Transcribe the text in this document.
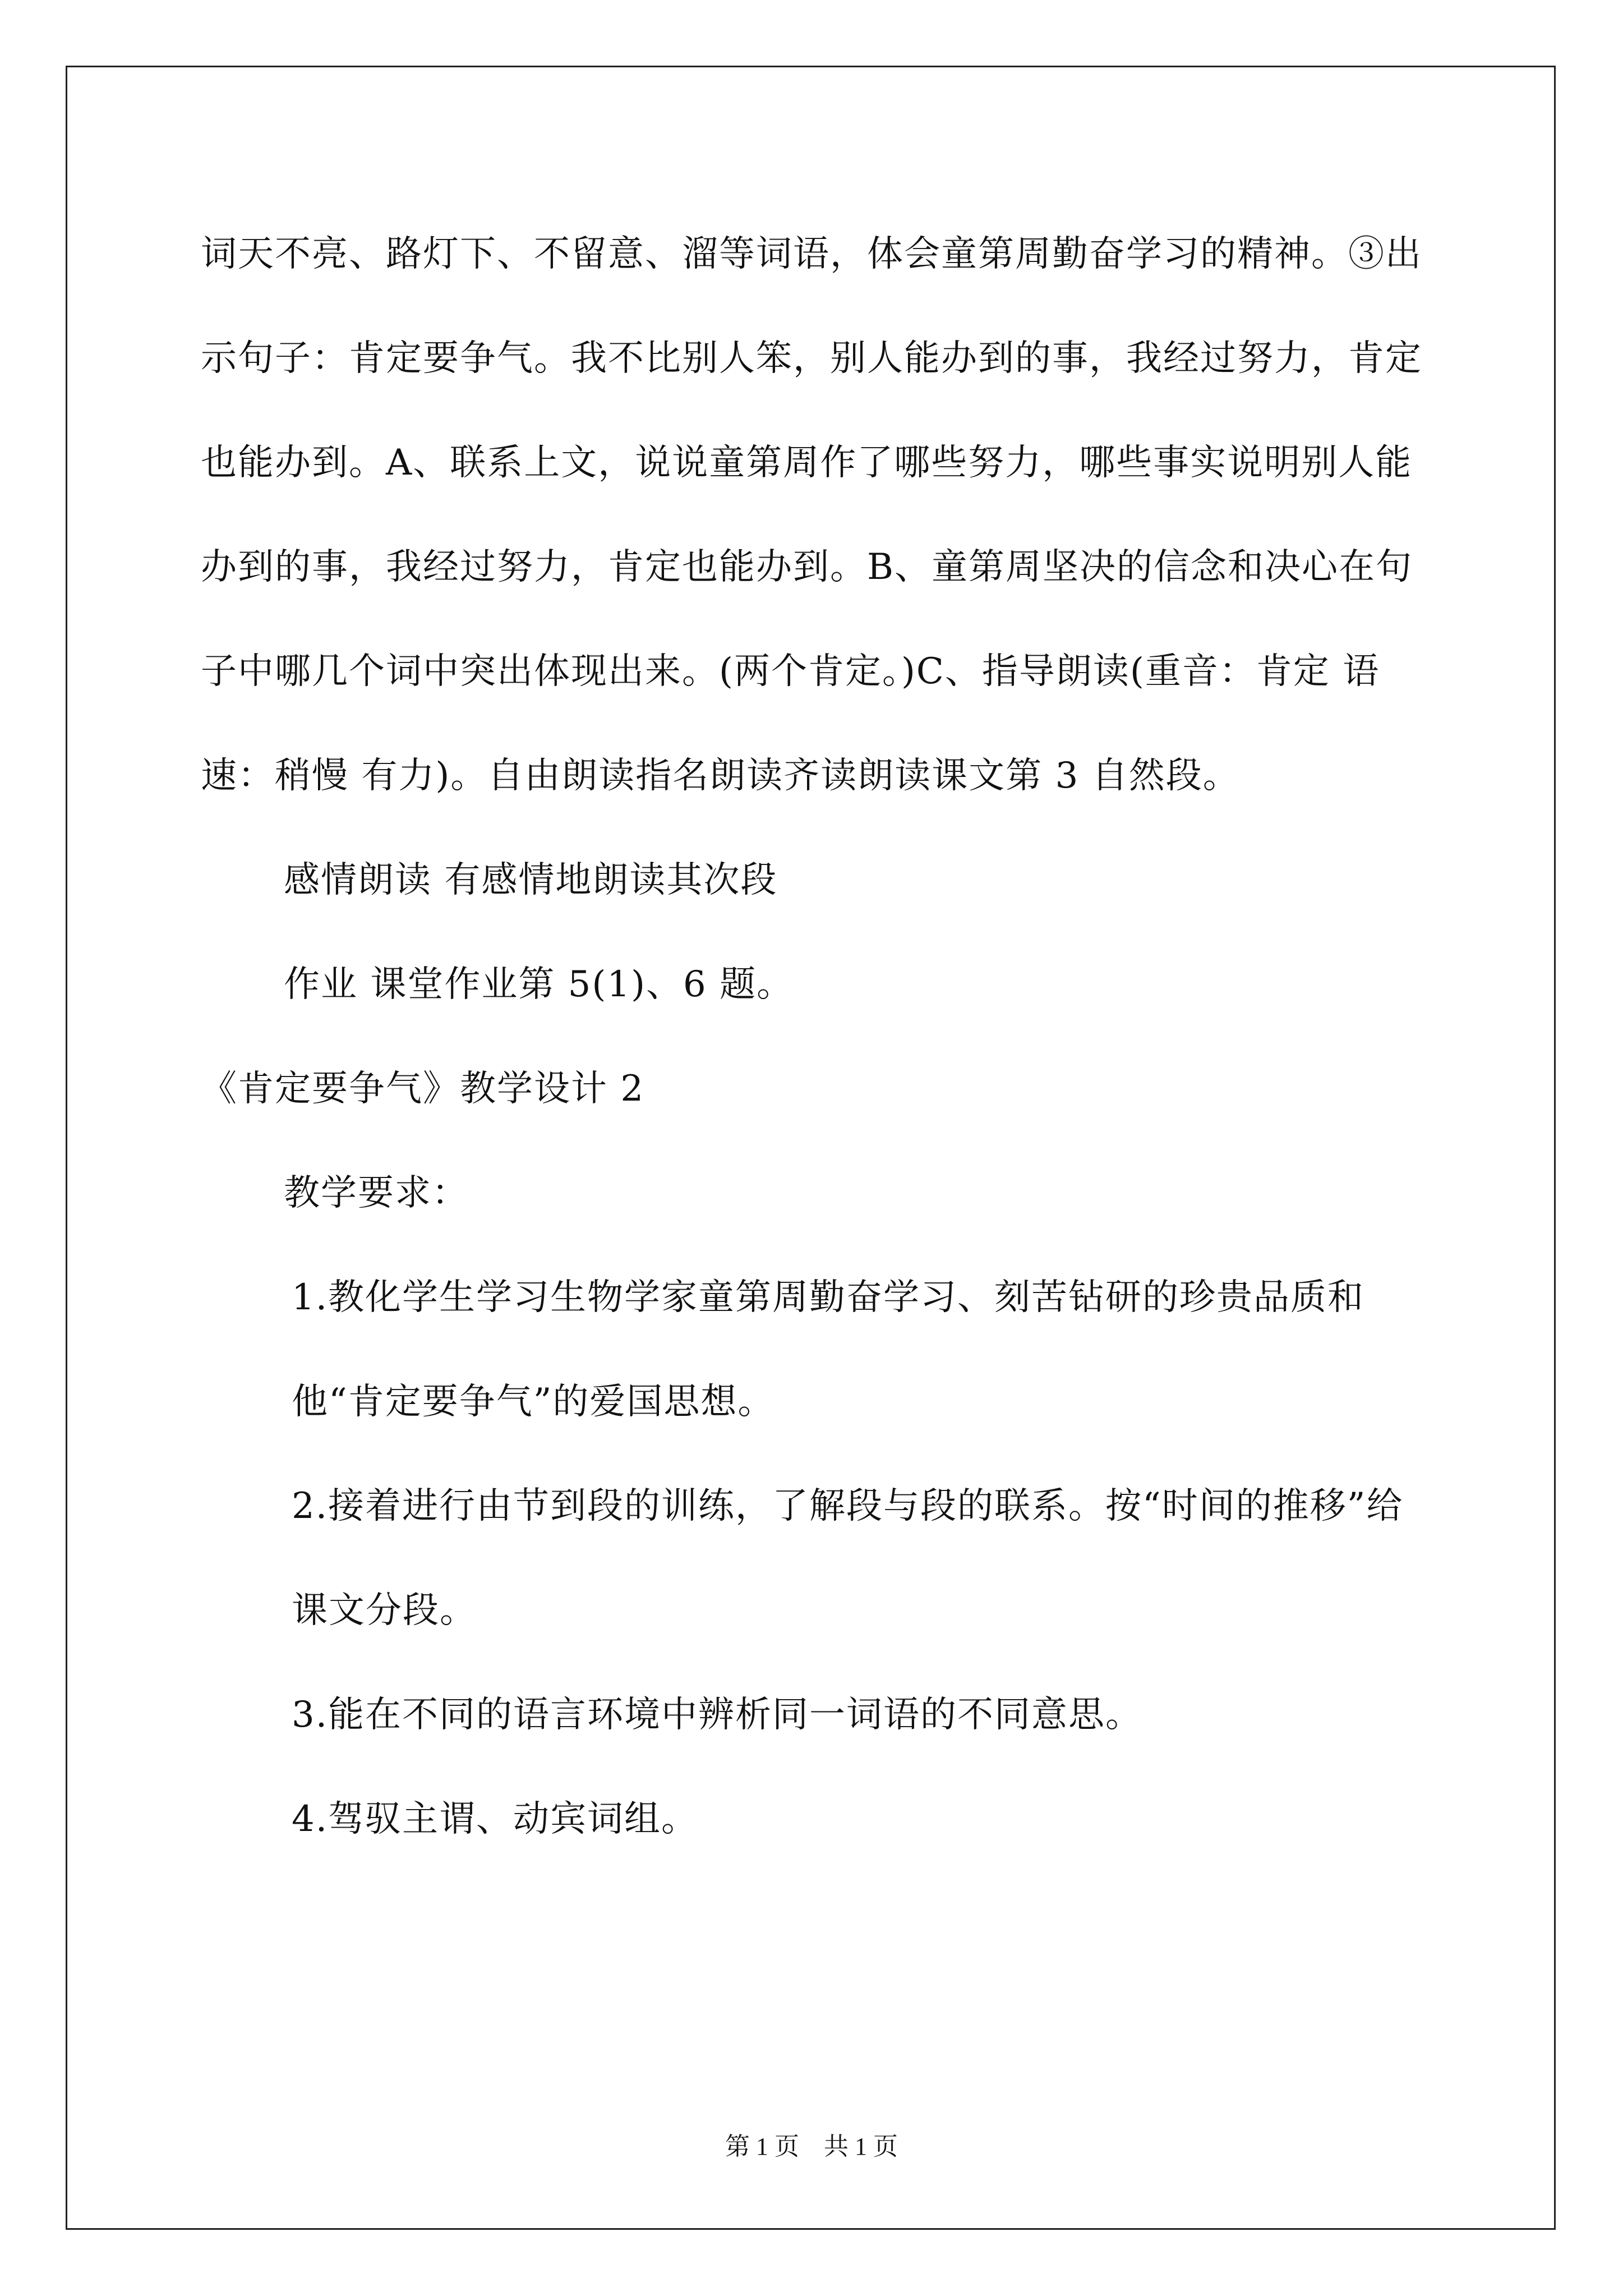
词天不亮、路灯下、不留意、溜等词语，体会童第周勤奋学习的精神。③出示句子：肯定要争气。我不比别人笨，别人能办到的事，我经过努力，肯定也能办到。A、联系上文，说说童第周作了哪些努力，哪些事实说明别人能办到的事，我经过努力，肯定也能办到。B、童第周坚决的信念和决心在句子中哪几个词中突出体现出来。(两个肯定。)C、指导朗读(重音：肯定 语速：稍慢 有力)。自由朗读指名朗读齐读朗读课文第 3 自然段。

感情朗读 有感情地朗读其次段

作业 课堂作业第 5(1)、6 题。

《肯定要争气》教学设计 2

教学要求：

1.教化学生学习生物学家童第周勤奋学习、刻苦钻研的珍贵品质和他“肯定要争气”的爱国思想。

2.接着进行由节到段的训练，了解段与段的联系。按“时间的推移”给课文分段。

3.能在不同的语言环境中辨析同一词语的不同意思。

4.驾驭主谓、动宾词组。

第 1 页　共 1 页
